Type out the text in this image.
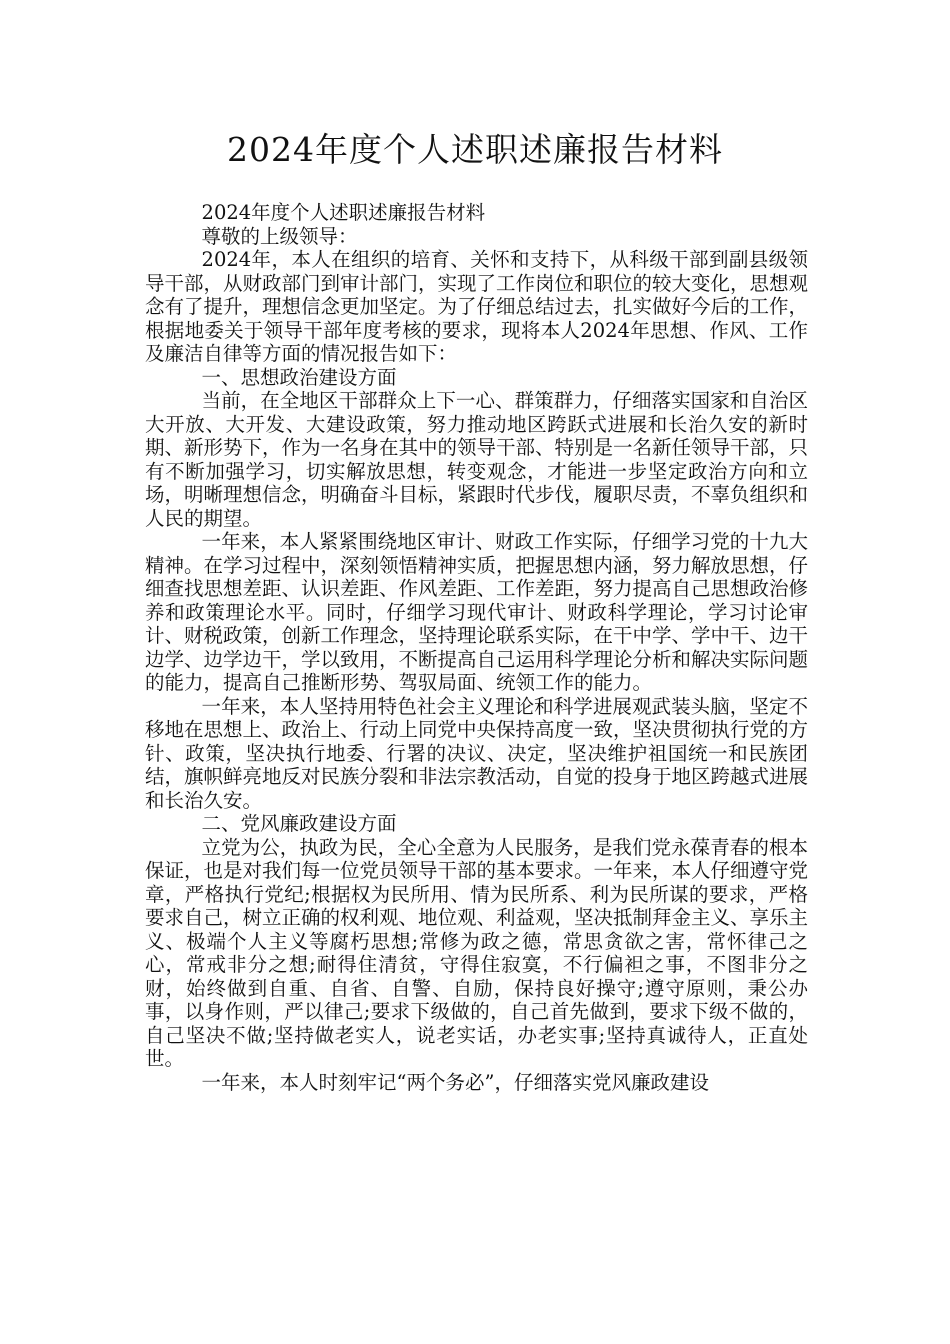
2024年度个人述职述廉报告材料

2024年度个人述职述廉报告材料

尊敬的上级领导：

2024年，本人在组织的培育、关怀和支持下，从科级干部到副县级领导干部，从财政部门到审计部门，实现了工作岗位和职位的较大变化，思想观念有了提升，理想信念更加坚定。为了仔细总结过去，扎实做好今后的工作，根据地委关于领导干部年度考核的要求，现将本人2024年思想、作风、工作及廉洁自律等方面的情况报告如下：

一、思想政治建设方面

当前，在全地区干部群众上下一心、群策群力，仔细落实国家和自治区大开放、大开发、大建设政策，努力推动地区跨跃式进展和长治久安的新时期、新形势下，作为一名身在其中的领导干部、特别是一名新任领导干部，只有不断加强学习，切实解放思想，转变观念，才能进一步坚定政治方向和立场，明晰理想信念，明确奋斗目标，紧跟时代步伐，履职尽责，不辜负组织和人民的期望。

一年来，本人紧紧围绕地区审计、财政工作实际，仔细学习党的十九大精神。在学习过程中，深刻领悟精神实质，把握思想内涵，努力解放思想，仔细查找思想差距、认识差距、作风差距、工作差距，努力提高自己思想政治修养和政策理论水平。同时，仔细学习现代审计、财政科学理论，学习讨论审计、财税政策，创新工作理念，坚持理论联系实际，在干中学、学中干、边干边学、边学边干，学以致用，不断提高自己运用科学理论分析和解决实际问题的能力，提高自己推断形势、驾驭局面、统领工作的能力。

一年来，本人坚持用特色社会主义理论和科学进展观武装头脑，坚定不移地在思想上、政治上、行动上同党中央保持高度一致，坚决贯彻执行党的方针、政策，坚决执行地委、行署的决议、决定，坚决维护祖国统一和民族团结，旗帜鲜亮地反对民族分裂和非法宗教活动，自觉的投身于地区跨越式进展和长治久安。

二、党风廉政建设方面

立党为公，执政为民，全心全意为人民服务，是我们党永葆青春的根本保证，也是对我们每一位党员领导干部的基本要求。一年来，本人仔细遵守党章，严格执行党纪;根据权为民所用、情为民所系、利为民所谋的要求，严格要求自己，树立正确的权利观、地位观、利益观，坚决抵制拜金主义、享乐主义、极端个人主义等腐朽思想;常修为政之德，常思贪欲之害，常怀律己之心，常戒非分之想;耐得住清贫，守得住寂寞，不行偏袒之事，不图非分之财，始终做到自重、自省、自警、自励，保持良好操守;遵守原则，秉公办事，以身作则，严以律己;要求下级做的，自己首先做到，要求下级不做的，自己坚决不做;坚持做老实人，说老实话，办老实事;坚持真诚待人，正直处世。

一年来，本人时刻牢记“两个务必”，仔细落实党风廉政建设
